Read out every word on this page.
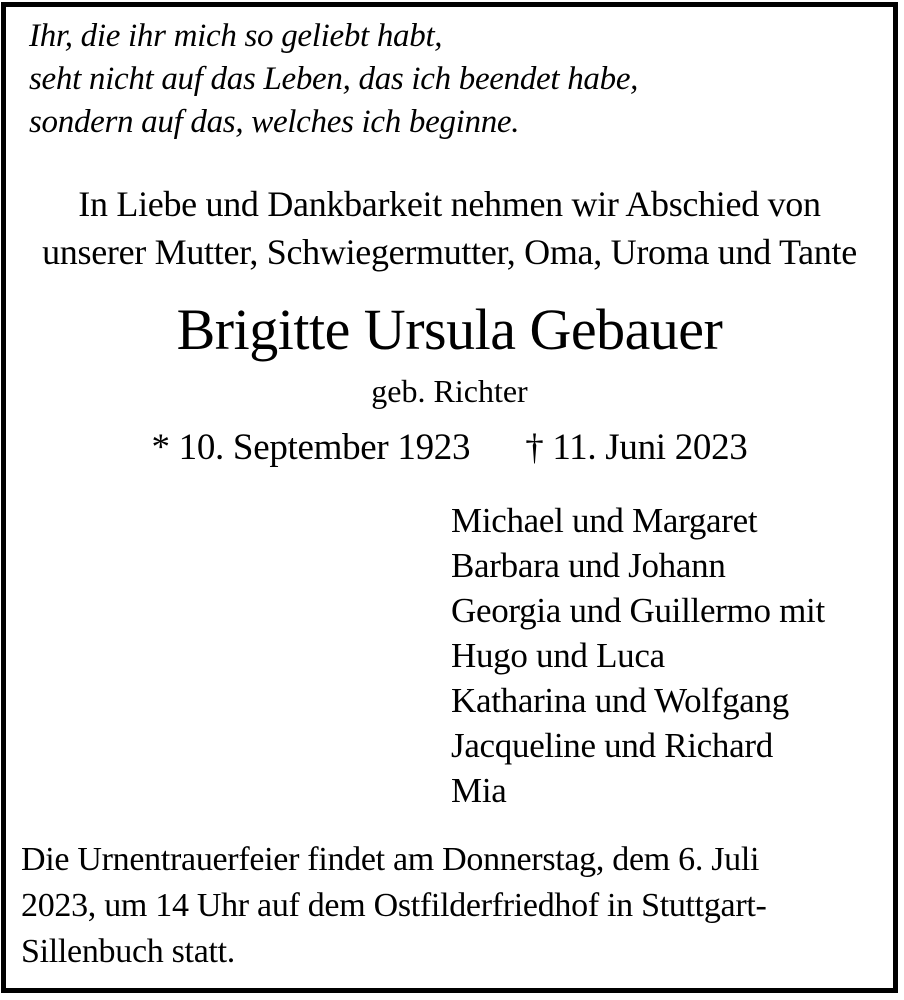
Ihr, die ihr mich so geliebt habt,
seht nicht auf das Leben, das ich beendet habe,
sondern auf das, welches ich beginne.
In Liebe und Dankbarkeit nehmen wir Abschied von
unserer Mutter, Schwiegermutter, Oma, Uroma und Tante
Brigitte Ursula Gebauer
geb. Richter
* 10. September 1923 † 11. Juni 2023
Michael und Margaret
Barbara und Johann
Georgia und Guillermo mit
Hugo und Luca
Katharina und Wolfgang
Jacqueline und Richard
Mia
Die Urnentrauerfeier findet am Donnerstag, dem 6. Juli
2023, um 14 Uhr auf dem Ostfilderfriedhof in Stuttgart-
Sillenbuch statt.
